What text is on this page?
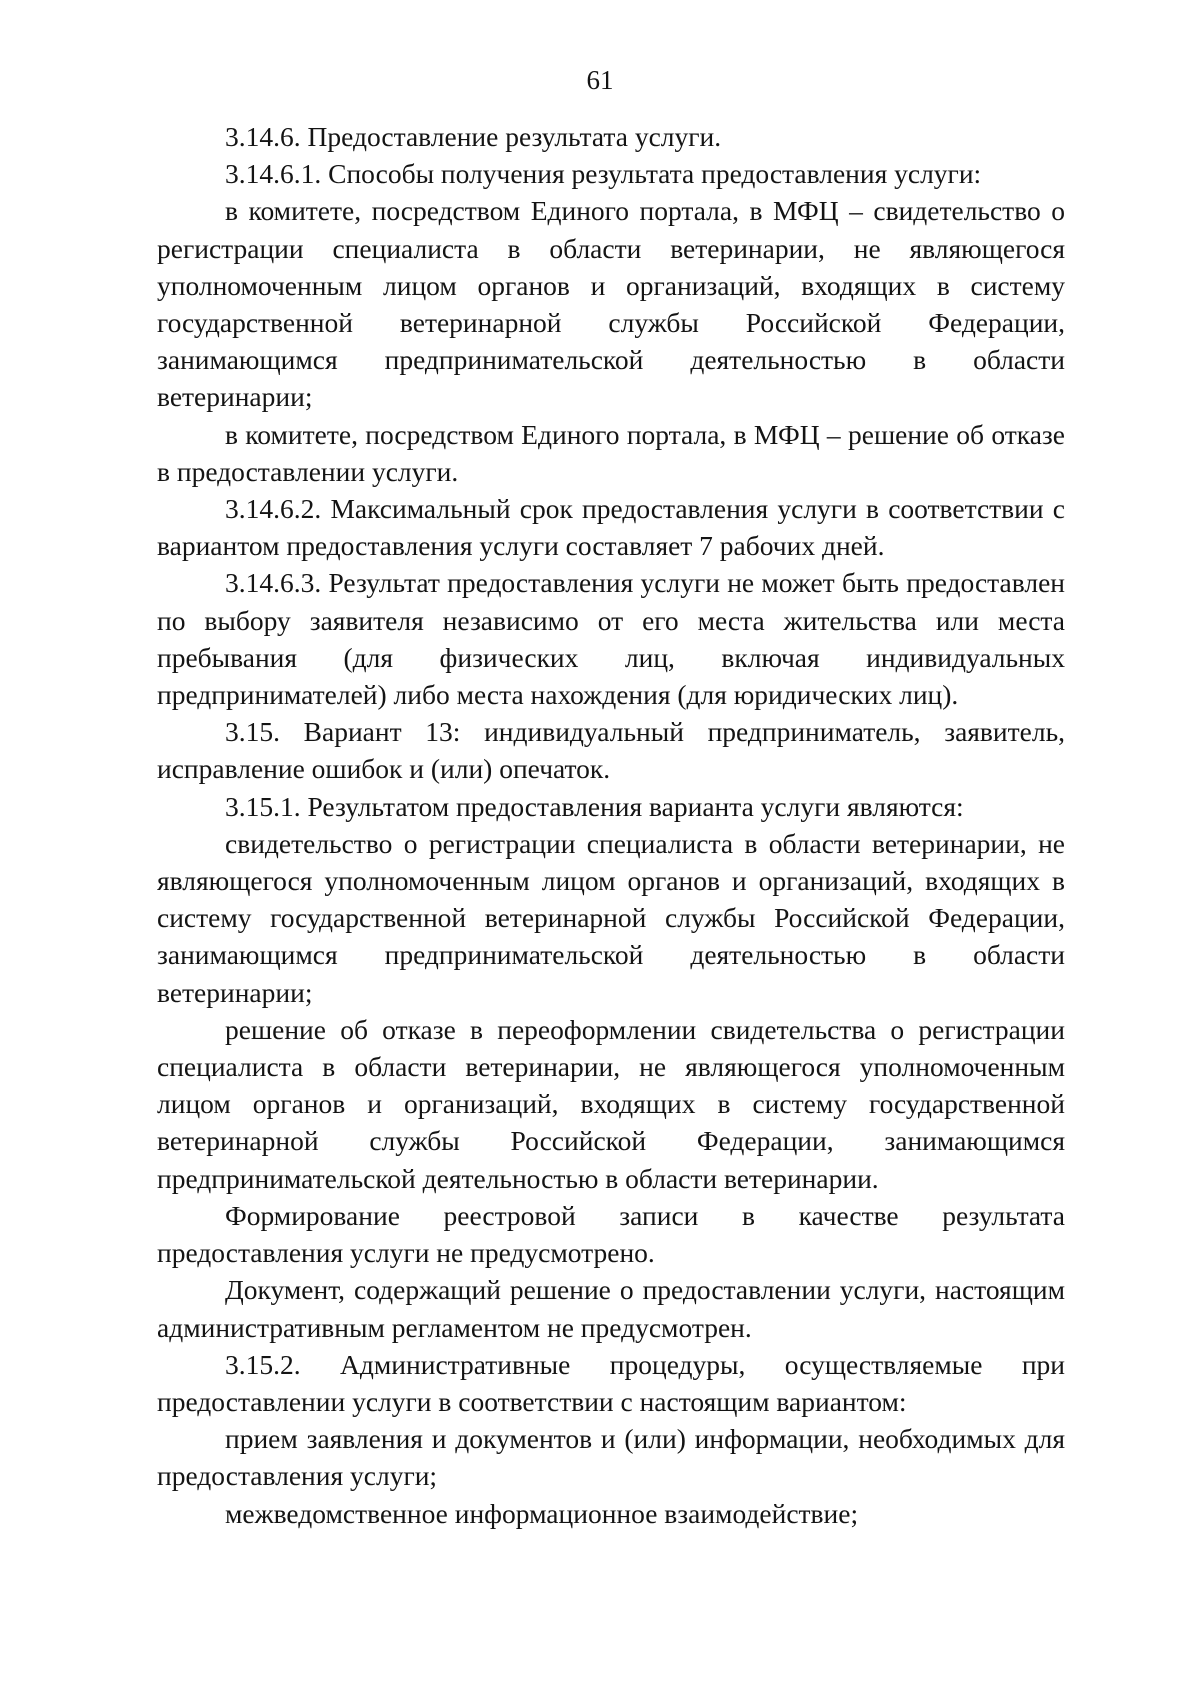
61

3.14.6. Предоставление результата услуги.

3.14.6.1. Способы получения результата предоставления услуги:

в комитете, посредством Единого портала, в МФЦ – свидетельство о регистрации специалиста в области ветеринарии, не являющегося уполномоченным лицом органов и организаций, входящих в систему государственной ветеринарной службы Российской Федерации, занимающимся предпринимательской деятельностью в области ветеринарии;

в комитете, посредством Единого портала, в МФЦ – решение об отказе в предоставлении услуги.

3.14.6.2. Максимальный срок предоставления услуги в соответствии с вариантом предоставления услуги составляет 7 рабочих дней.

3.14.6.3. Результат предоставления услуги не может быть предоставлен по выбору заявителя независимо от его места жительства или места пребывания (для физических лиц, включая индивидуальных предпринимателей) либо места нахождения (для юридических лиц).

3.15. Вариант 13: индивидуальный предприниматель, заявитель, исправление ошибок и (или) опечаток.

3.15.1. Результатом предоставления варианта услуги являются:

свидетельство о регистрации специалиста в области ветеринарии, не являющегося уполномоченным лицом органов и организаций, входящих в систему государственной ветеринарной службы Российской Федерации, занимающимся предпринимательской деятельностью в области ветеринарии;

решение об отказе в переоформлении свидетельства о регистрации специалиста в области ветеринарии, не являющегося уполномоченным лицом органов и организаций, входящих в систему государственной ветеринарной службы Российской Федерации, занимающимся предпринимательской деятельностью в области ветеринарии.

Формирование реестровой записи в качестве результата предоставления услуги не предусмотрено.

Документ, содержащий решение о предоставлении услуги, настоящим административным регламентом не предусмотрен.

3.15.2. Административные процедуры, осуществляемые при предоставлении услуги в соответствии с настоящим вариантом:

прием заявления и документов и (или) информации, необходимых для предоставления услуги;

межведомственное информационное взаимодействие;
